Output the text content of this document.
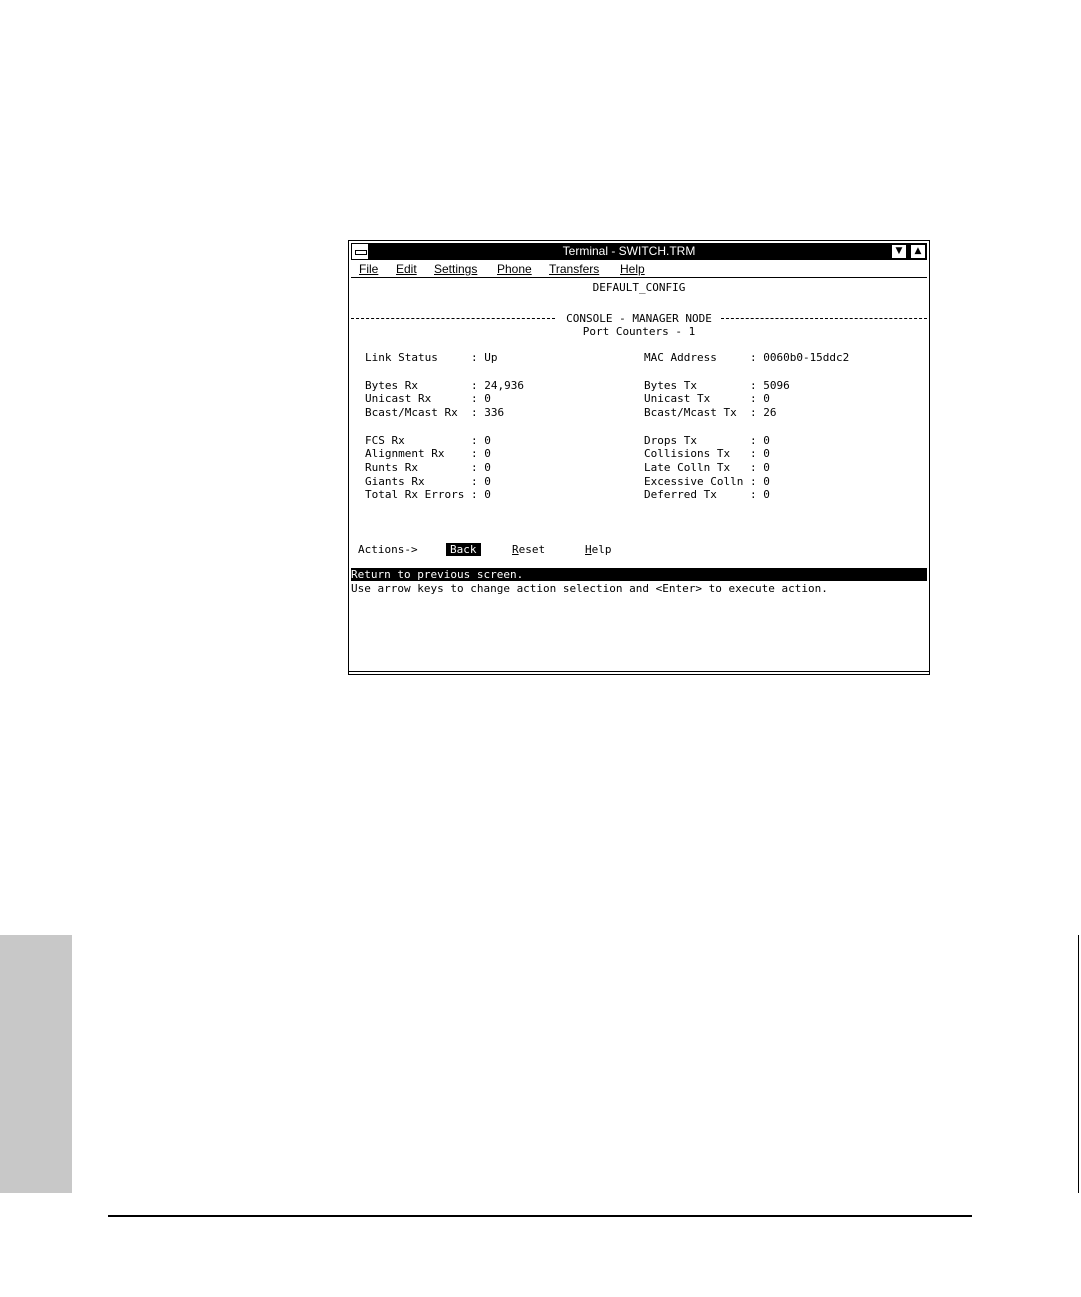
Terminal - SWITCH.TRM	▼	▲
File Edit Settings Phone Transfers Help
DEFAULT_CONFIG
CONSOLE - MANAGER NODE
Port Counters - 1
Link Status     : Up	MAC Address     : 0060b0-15ddc2
Bytes Rx        : 24,936	Bytes Tx        : 5096
Unicast Rx      : 0	Unicast Tx      : 0
Bcast/Mcast Rx  : 336	Bcast/Mcast Tx  : 26
FCS Rx          : 0	Drops Tx        : 0
Alignment Rx    : 0	Collisions Tx   : 0
Runts Rx        : 0	Late Colln Tx   : 0
Giants Rx       : 0	Excessive Colln : 0
Total Rx Errors : 0	Deferred Tx     : 0
Actions->	Back	Reset	Help
Return to previous screen.
Use arrow keys to change action selection and <Enter> to execute action.
